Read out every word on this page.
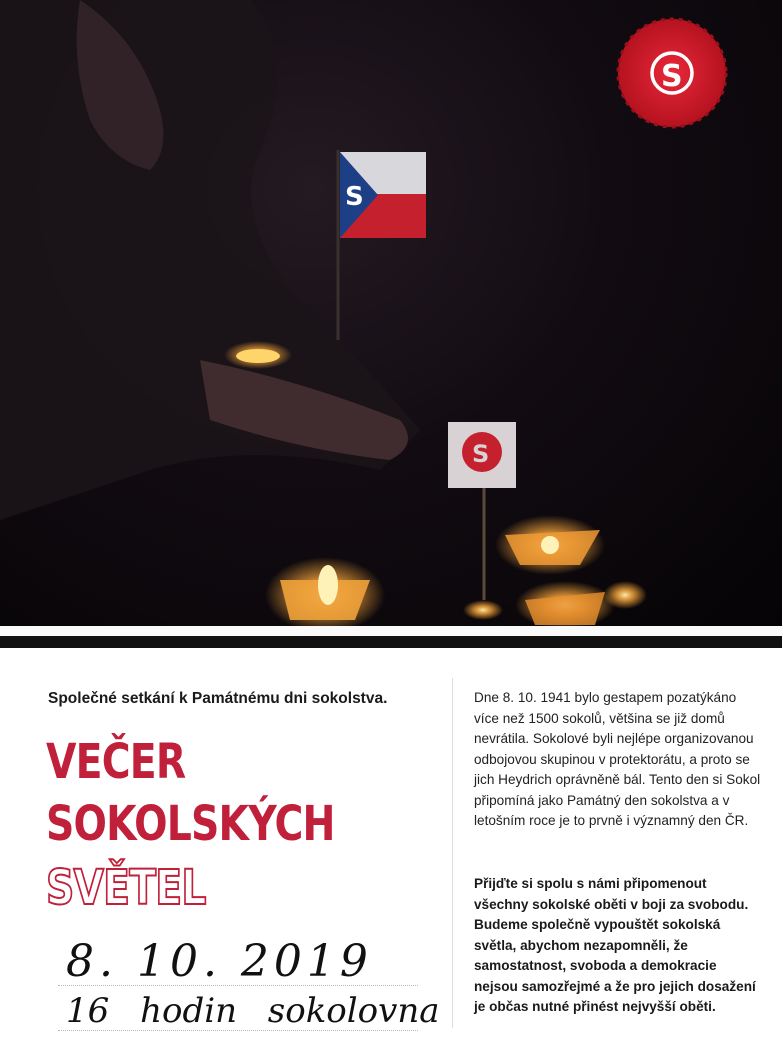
S
S
S
Společné setkání k Památnému dni sokolstva.
VEČER
SOKOLSKÝCH
SVĚTEL
8. 10. 2019
16 hodin sokolovna
Dne 8. 10. 1941 bylo gestapem pozatýkáno více než 1500 sokolů, většina se již domů nevrátila. Sokolové byli nejlépe organizovanou odbojovou skupinou v protektorátu, a proto se jich Heydrich oprávněně bál. Tento den si Sokol připomíná jako Památný den sokolstva a v letošním roce je to prvně i významný den ČR.
Přijďte si spolu s námi připomenout všechny sokolské oběti v boji za svobodu. Budeme společně vypouštět sokolská světla, abychom nezapomněli, že samostatnost, svoboda a demokracie nejsou samozřejmé a že pro jejich dosažení je občas nutné přinést nejvyšší oběti.
